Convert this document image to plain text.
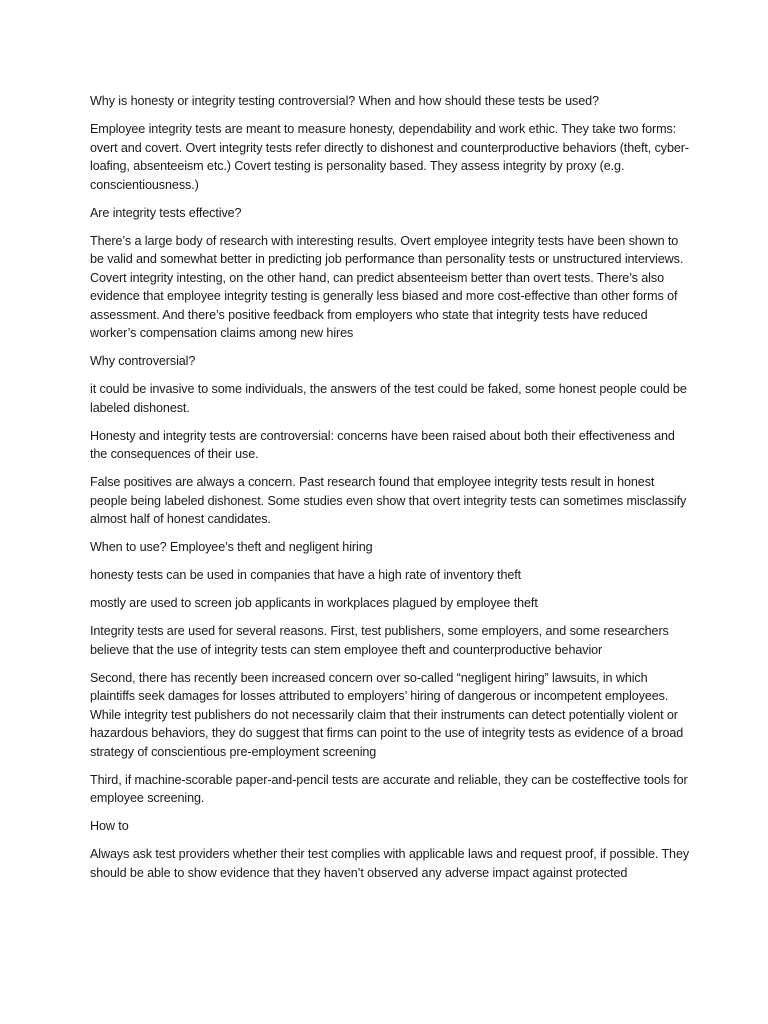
Why is honesty or integrity testing controversial? When and how should these tests be used?

Employee integrity tests are meant to measure honesty, dependability and work ethic. They take two forms: overt and covert. Overt integrity tests refer directly to dishonest and counterproductive behaviors (theft, cyber-loafing, absenteeism etc.) Covert testing is personality based. They assess integrity by proxy (e.g. conscientiousness.)

Are integrity tests effective?

There’s a large body of research with interesting results. Overt employee integrity tests have been shown to be valid and somewhat better in predicting job performance than personality tests or unstructured interviews. Covert integrity intesting, on the other hand, can predict absenteeism better than overt tests. There’s also evidence that employee integrity testing is generally less biased and more cost-effective than other forms of assessment. And there’s positive feedback from employers who state that integrity tests have reduced worker’s compensation claims among new hires

Why controversial?

it could be invasive to some individuals, the answers of the test could be faked, some honest people could be labeled dishonest.

Honesty and integrity tests are controversial: concerns have been raised about both their effectiveness and the consequences of their use.

False positives are always a concern. Past research found that employee integrity tests result in honest people being labeled dishonest. Some studies even show that overt integrity tests can sometimes misclassify almost half of honest candidates.

When to use? Employee’s theft and negligent hiring

honesty tests can be used in companies that have a high rate of inventory theft

mostly are used to screen job applicants in workplaces plagued by employee theft

Integrity tests are used for several reasons. First, test publishers, some employers, and some researchers believe that the use of integrity tests can stem employee theft and counterproductive behavior

Second, there has recently been increased concern over so-called “negligent hiring” lawsuits, in which plaintiffs seek damages for losses attributed to employers’ hiring of dangerous or incompetent employees. While integrity test publishers do not necessarily claim that their instruments can detect potentially violent or hazardous behaviors, they do suggest that firms can point to the use of integrity tests as evidence of a broad strategy of conscientious pre-employment screening

Third, if machine-scorable paper-and-pencil tests are accurate and reliable, they can be costeffective tools for employee screening.

How to

Always ask test providers whether their test complies with applicable laws and request proof, if possible. They should be able to show evidence that they haven’t observed any adverse impact against protected
